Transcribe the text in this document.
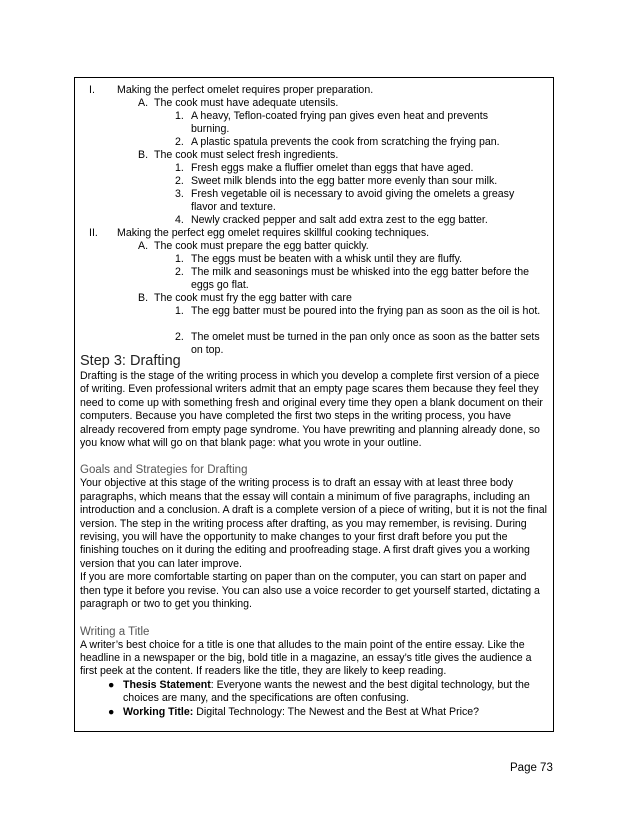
I. Making the perfect omelet requires proper preparation.
A. The cook must have adequate utensils.
1. A heavy, Teflon-coated frying pan gives even heat and prevents burning.
2. A plastic spatula prevents the cook from scratching the frying pan.
B. The cook must select fresh ingredients.
1. Fresh eggs make a fluffier omelet than eggs that have aged.
2. Sweet milk blends into the egg batter more evenly than sour milk.
3. Fresh vegetable oil is necessary to avoid giving the omelets a greasy flavor and texture.
4. Newly cracked pepper and salt add extra zest to the egg batter.
II. Making the perfect egg omelet requires skillful cooking techniques.
A. The cook must prepare the egg batter quickly.
1. The eggs must be beaten with a whisk until they are fluffy.
2. The milk and seasonings must be whisked into the egg batter before the eggs go flat.
B. The cook must fry the egg batter with care
1. The egg batter must be poured into the frying pan as soon as the oil is hot.
2. The omelet must be turned in the pan only once as soon as the batter sets on top.
Step 3: Drafting

Drafting is the stage of the writing process in which you develop a complete first version of a piece of writing. Even professional writers admit that an empty page scares them because they feel they need to come up with something fresh and original every time they open a blank document on their computers. Because you have completed the first two steps in the writing process, you have already recovered from empty page syndrome. You have prewriting and planning already done, so you know what will go on that blank page: what you wrote in your outline.

Goals and Strategies for Drafting

Your objective at this stage of the writing process is to draft an essay with at least three body paragraphs, which means that the essay will contain a minimum of five paragraphs, including an introduction and a conclusion. A draft is a complete version of a piece of writing, but it is not the final version. The step in the writing process after drafting, as you may remember, is revising. During revising, you will have the opportunity to make changes to your first draft before you put the finishing touches on it during the editing and proofreading stage. A first draft gives you a working version that you can later improve.

If you are more comfortable starting on paper than on the computer, you can start on paper and then type it before you revise. You can also use a voice recorder to get yourself started, dictating a paragraph or two to get you thinking.

Writing a Title

A writer’s best choice for a title is one that alludes to the main point of the entire essay. Like the headline in a newspaper or the big, bold title in a magazine, an essay’s title gives the audience a first peek at the content. If readers like the title, they are likely to keep reading.

● Thesis Statement: Everyone wants the newest and the best digital technology, but the choices are many, and the specifications are often confusing.
● Working Title: Digital Technology: The Newest and the Best at What Price?
Page 73
